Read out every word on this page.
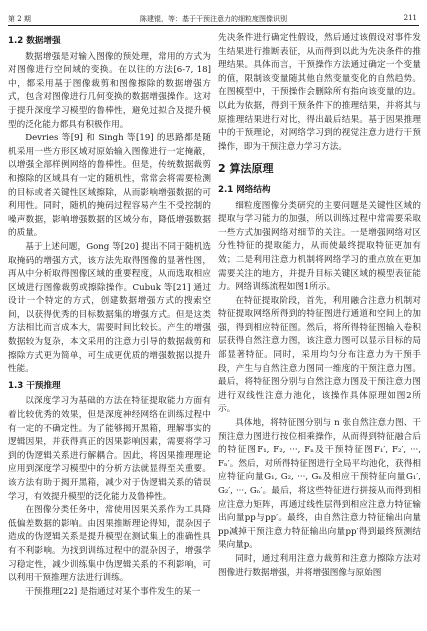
第 2 期	陈建锟，等：基于干预注意力的细粒度图像识别	211
1.2 数据增强

数据增强是对输入图像的预处理，常用的方式为对图像进行空间域的变换。在以往的方法[6-7, 18]中，都采用基于图像裁剪和图像擦除的数据增强方式，包含对图像进行几何变换的数据增强操作。这对于提升深度学习模型的鲁棒性，避免过拟合及提升模型的泛化能力都具有积极作用。

Devries 等[9] 和 Singh 等[19] 的思路都是随机采用一些方形区域对原始输入图像进行一定掩蔽，以增强全部样例网络的鲁棒性。但是，传统数据裁剪和擦除的区域具有一定的随机性，常常会将需要检测的目标或者关键性区域擦除，从而影响增强数据的可利用性。同时，随机的掩码过程容易产生不受控制的噪声数据，影响增强数据的区域分布，降低增强数据的质量。

基于上述问题，Gong 等[20] 提出不同于随机选取掩码的增强方式，该方法先取得图像的显著性图，再从中分析取得图像区域的重要程度，从而选取相应区域进行图像裁剪或擦除操作。Cubuk 等[21] 通过设计一个特定的方式，创建数据增强方式的搜索空间，以获得优秀的目标数据集的增强方式。但是这类方法相比而言成本大，需要时间比较长。产生的增强数据较为复杂，本文采用的注意力引导的数据裁剪和擦除方式更为简单，可生成更优质的增强数据以提升性能。

1.3 干预推理

以深度学习为基础的方法在特征提取能力方面有着比较优秀的效果，但是深度神经网络在训练过程中有一定的不确定性。为了能够揭开黑箱，理解事实的逻辑因果，并获得真正的因果影响因素，需要将学习到的伪逻辑关系进行解耦合。因此，将因果推理理论应用到深度学习模型中的分析方法就显得至关重要。该方法有助于揭开黑箱，减少对于伪逻辑关系的错误学习，有效提升模型的泛化能力及鲁棒性。

在图像分类任务中，常使用因果关系作为工具降低偏差数据的影响。由因果推断理论得知，混杂因子造成的伪逻辑关系是提升模型在测试集上的准确性具有不利影响。为找到训练过程中的混杂因子，增强学习稳定性，减少训练集中伪逻辑关系的不利影响，可以利用干预推理方法进行训练。

干预推理[22] 是指通过对某个事件发生的某一

先决条件进行确定性假设，然后通过该假设对事件发生结果进行推断表征，从而得到以此为先决条件的推理结果。具体而言，干预操作方法通过确定一个变量的值，限制该变量随其他自然变量变化的自然趋势。在图模型中，干预操作会删除所有指向该变量的边。以此为依据，得到干预条件下的推理结果，并将其与原推理结果进行对比，得出最后结果。基于因果推理中的干预理论，对网络学习到的视觉注意力进行干预操作，即为干预注意力学习方法。

2 算法原理
2.1 网络结构

细粒度图像分类研究的主要问题是关键性区域的提取与学习能力的加强，所以训练过程中常需要采取一些方式加强网络对细节的关注。一是增强网络对区分性特征的提取能力，从而使最终提取特征更加有效；二是利用注意力机制将网络学习的重点放在更加需要关注的地方，并提升目标关键区域的模型表征能力。网络训练流程如图1所示。

在特征提取阶段，首先，利用融合注意力机制对特征提取网络所得到的特征图进行通道和空间上的加强，得到相应特征图。然后，将所得特征图输入卷积层获得自然注意力图，该注意力图可以显示目标的局部显著特征。同时，采用均匀分布注意力为干预手段，产生与自然注意力图同一维度的干预注意力图。最后，将特征图分别与自然注意力图及干预注意力图进行双线性注意力池化，该操作具体原理如图2所示。

具体地，将特征图分别与 n 张自然注意力图、干预注意力图进行按位相乘操作，从而得到特征融合后的特征图F₁, F₂, ···, Fₙ及干预特征图F₁′, F₂′, ···, Fₙ′。然后，对所得特征图进行全局平均池化，获得相应特征向量G₁, G₂, ···, Gₙ及相应干预特征向量G₁′, G₂′, ···, Gₙ′。最后，将这些特征进行拼接从而得到相应注意力矩阵，再通过线性层得到相应注意力特征输出向量pp与pp′。最终，由自然注意力特征输出向量pp减掉干预注意力特征输出向量pp′得到最终预测结果向量p。

同时，通过利用注意力裁剪和注意力擦除方法对图像进行数据增强，并将增强图像与原始图
